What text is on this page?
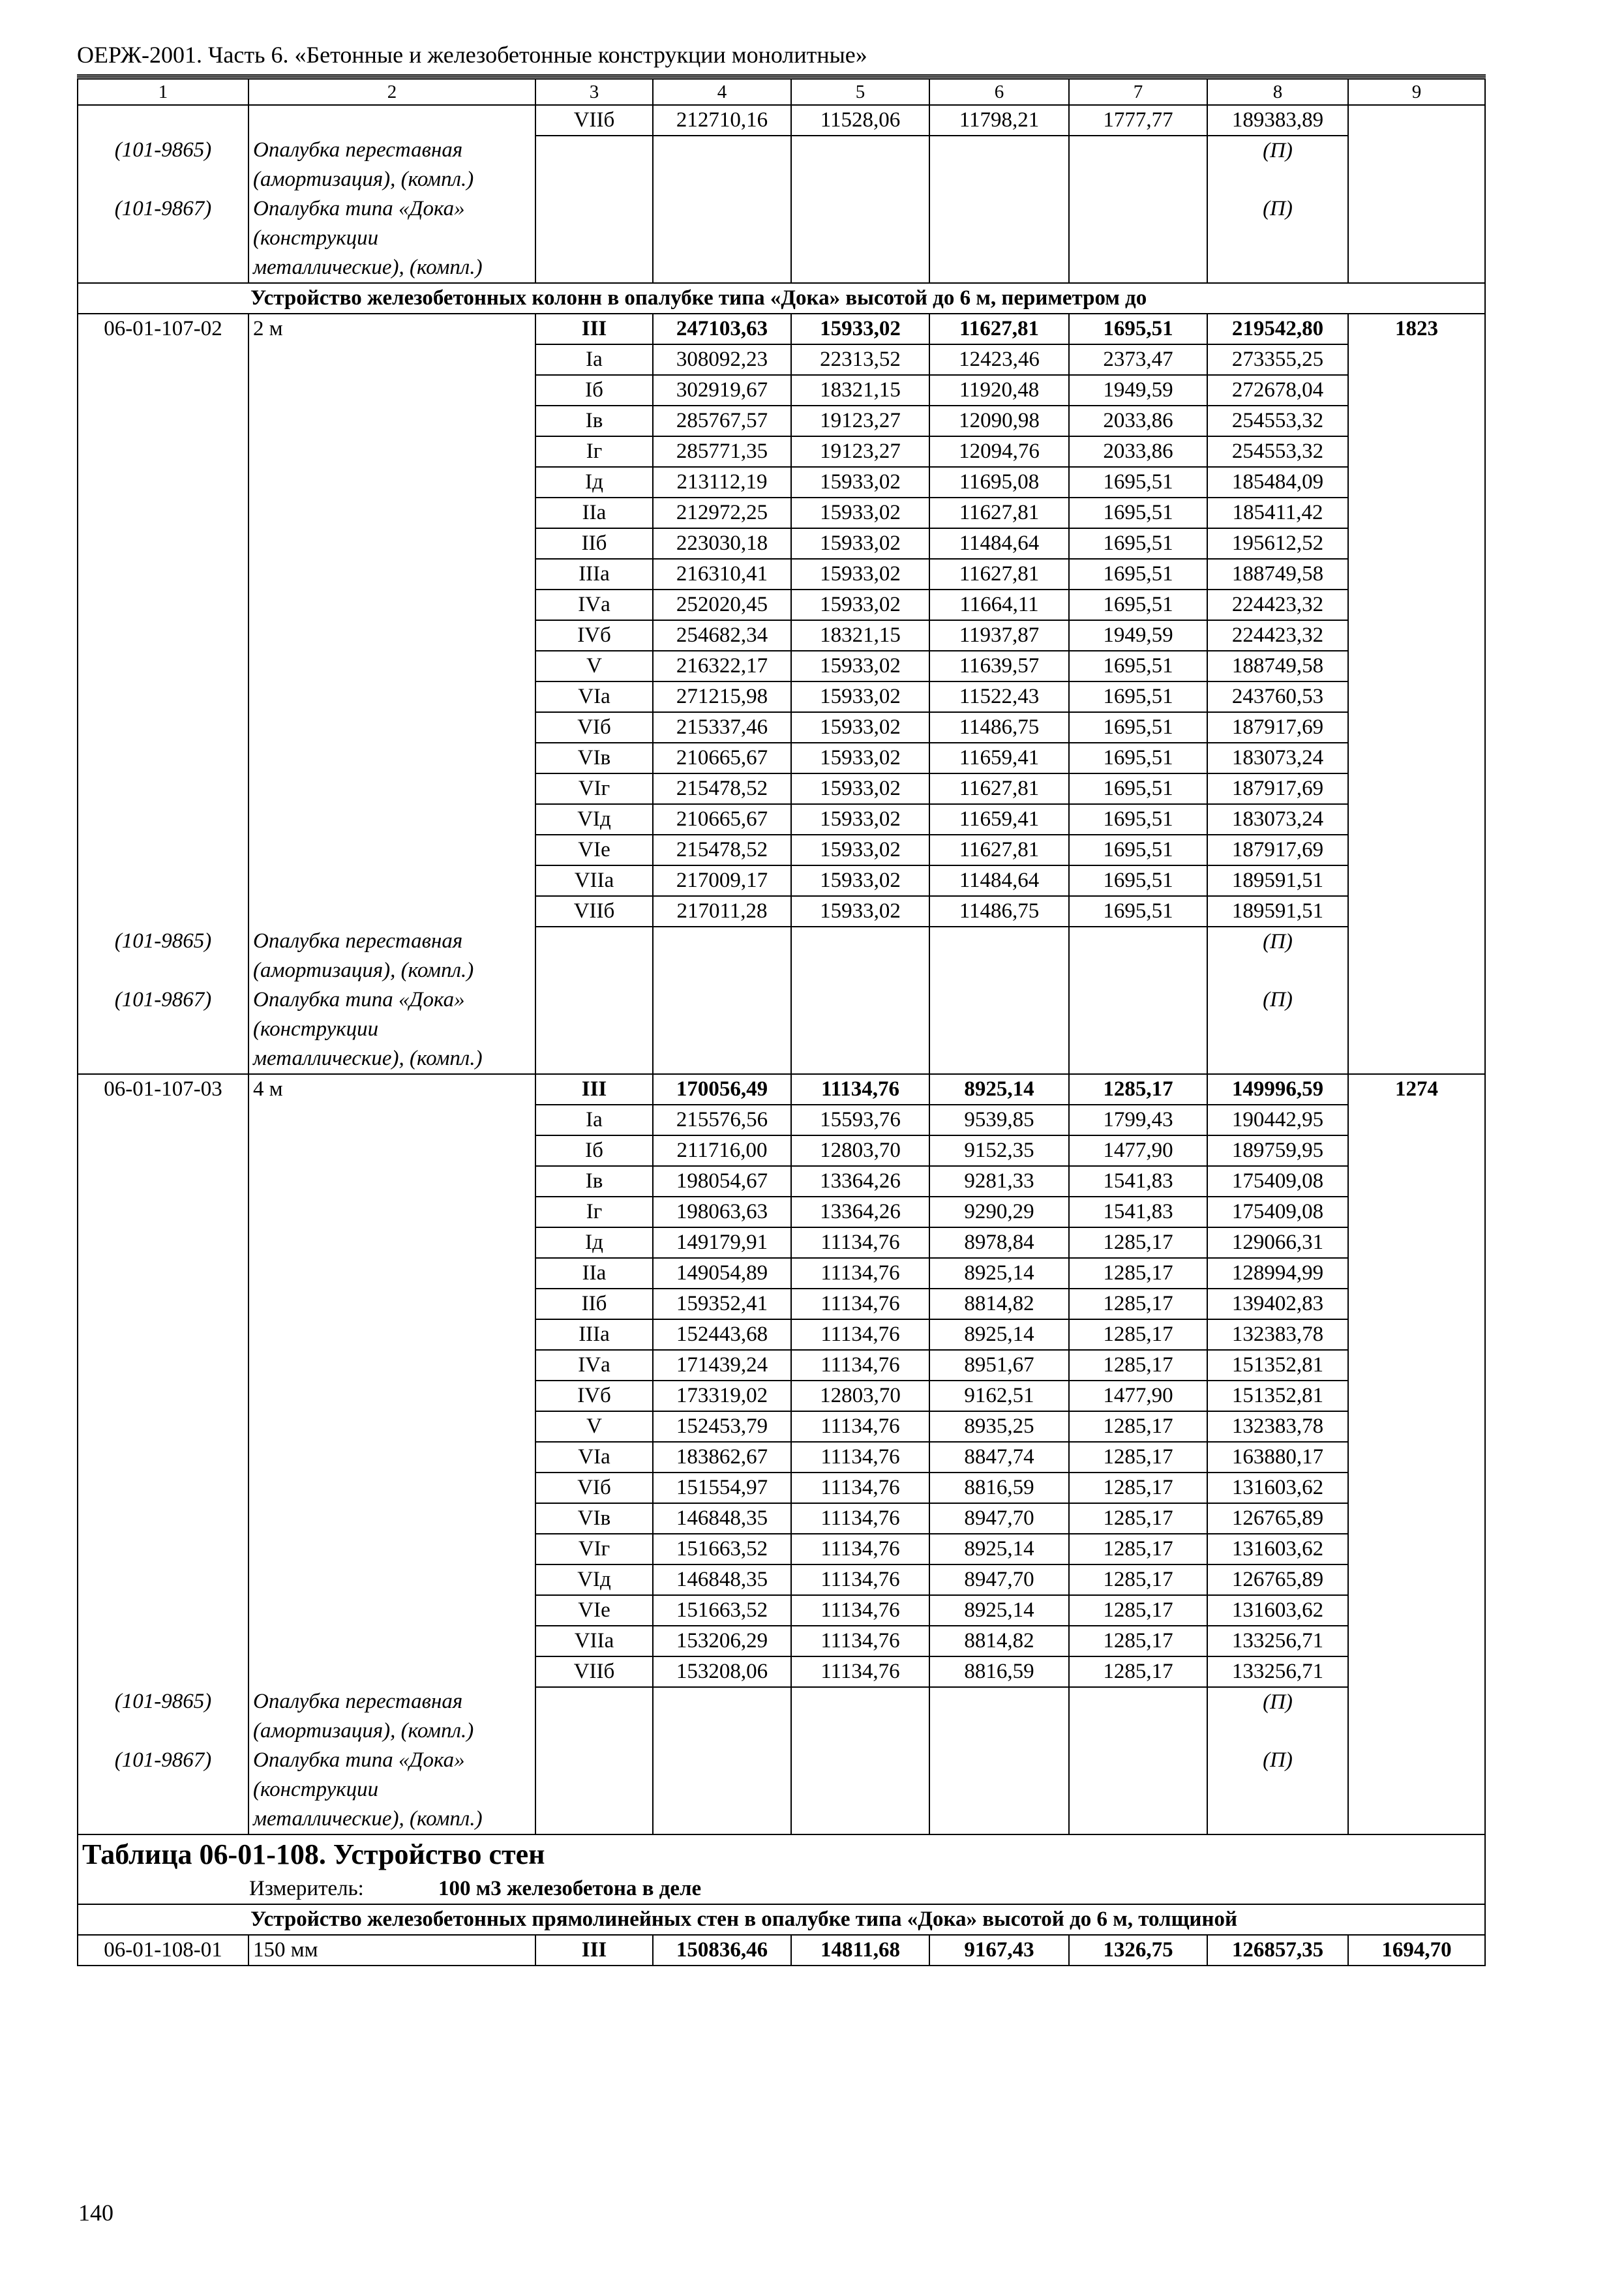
ОЕРЖ-2001. Часть 6. «Бетонные и железобетонные конструкции монолитные»
1	2	3	4	5	6	7	8	9
		VIIб	212710,16	11528,06	11798,21	1777,77	189383,89	
(101-9865)	Опалубка переставная (амортизация), (компл.)						(П)	
(101-9867)	Опалубка типа «Дока» (конструкции металлические), (компл.)						(П)	
Устройство железобетонных колонн в опалубке типа «Дока» высотой до 6 м, периметром до								
06-01-107-02	2 м	III	247103,63	15933,02	11627,81	1695,51	219542,80	1823
		Iа	308092,23	22313,52	12423,46	2373,47	273355,25	
		Iб	302919,67	18321,15	11920,48	1949,59	272678,04	
		Iв	285767,57	19123,27	12090,98	2033,86	254553,32	
		Iг	285771,35	19123,27	12094,76	2033,86	254553,32	
		Iд	213112,19	15933,02	11695,08	1695,51	185484,09	
		IIа	212972,25	15933,02	11627,81	1695,51	185411,42	
		IIб	223030,18	15933,02	11484,64	1695,51	195612,52	
		IIIа	216310,41	15933,02	11627,81	1695,51	188749,58	
		IVа	252020,45	15933,02	11664,11	1695,51	224423,32	
		IVб	254682,34	18321,15	11937,87	1949,59	224423,32	
		V	216322,17	15933,02	11639,57	1695,51	188749,58	
		VIа	271215,98	15933,02	11522,43	1695,51	243760,53	
		VIб	215337,46	15933,02	11486,75	1695,51	187917,69	
		VIв	210665,67	15933,02	11659,41	1695,51	183073,24	
		VIг	215478,52	15933,02	11627,81	1695,51	187917,69	
		VIд	210665,67	15933,02	11659,41	1695,51	183073,24	
		VIе	215478,52	15933,02	11627,81	1695,51	187917,69	
		VIIа	217009,17	15933,02	11484,64	1695,51	189591,51	
		VIIб	217011,28	15933,02	11486,75	1695,51	189591,51	
(101-9865)	Опалубка переставная (амортизация), (компл.)						(П)	
(101-9867)	Опалубка типа «Дока» (конструкции металлические), (компл.)						(П)	
06-01-107-03	4 м	III	170056,49	11134,76	8925,14	1285,17	149996,59	1274
		Iа	215576,56	15593,76	9539,85	1799,43	190442,95	
		Iб	211716,00	12803,70	9152,35	1477,90	189759,95	
		Iв	198054,67	13364,26	9281,33	1541,83	175409,08	
		Iг	198063,63	13364,26	9290,29	1541,83	175409,08	
		Iд	149179,91	11134,76	8978,84	1285,17	129066,31	
		IIа	149054,89	11134,76	8925,14	1285,17	128994,99	
		IIб	159352,41	11134,76	8814,82	1285,17	139402,83	
		IIIа	152443,68	11134,76	8925,14	1285,17	132383,78	
		IVа	171439,24	11134,76	8951,67	1285,17	151352,81	
		IVб	173319,02	12803,70	9162,51	1477,90	151352,81	
		V	152453,79	11134,76	8935,25	1285,17	132383,78	
		VIа	183862,67	11134,76	8847,74	1285,17	163880,17	
		VIб	151554,97	11134,76	8816,59	1285,17	131603,62	
		VIв	146848,35	11134,76	8947,70	1285,17	126765,89	
		VIг	151663,52	11134,76	8925,14	1285,17	131603,62	
		VIд	146848,35	11134,76	8947,70	1285,17	126765,89	
		VIе	151663,52	11134,76	8925,14	1285,17	131603,62	
		VIIа	153206,29	11134,76	8814,82	1285,17	133256,71	
		VIIб	153208,06	11134,76	8816,59	1285,17	133256,71	
(101-9865)	Опалубка переставная (амортизация), (компл.)						(П)	
(101-9867)	Опалубка типа «Дока» (конструкции металлические), (компл.)						(П)	
Таблица 06-01-108. Устройство стен								
Измеритель: 100 м3 железобетона в деле								
Устройство железобетонных прямолинейных стен в опалубке типа «Дока» высотой до 6 м, толщиной								
06-01-108-01	150 мм	III	150836,46	14811,68	9167,43	1326,75	126857,35	1694,70
140
